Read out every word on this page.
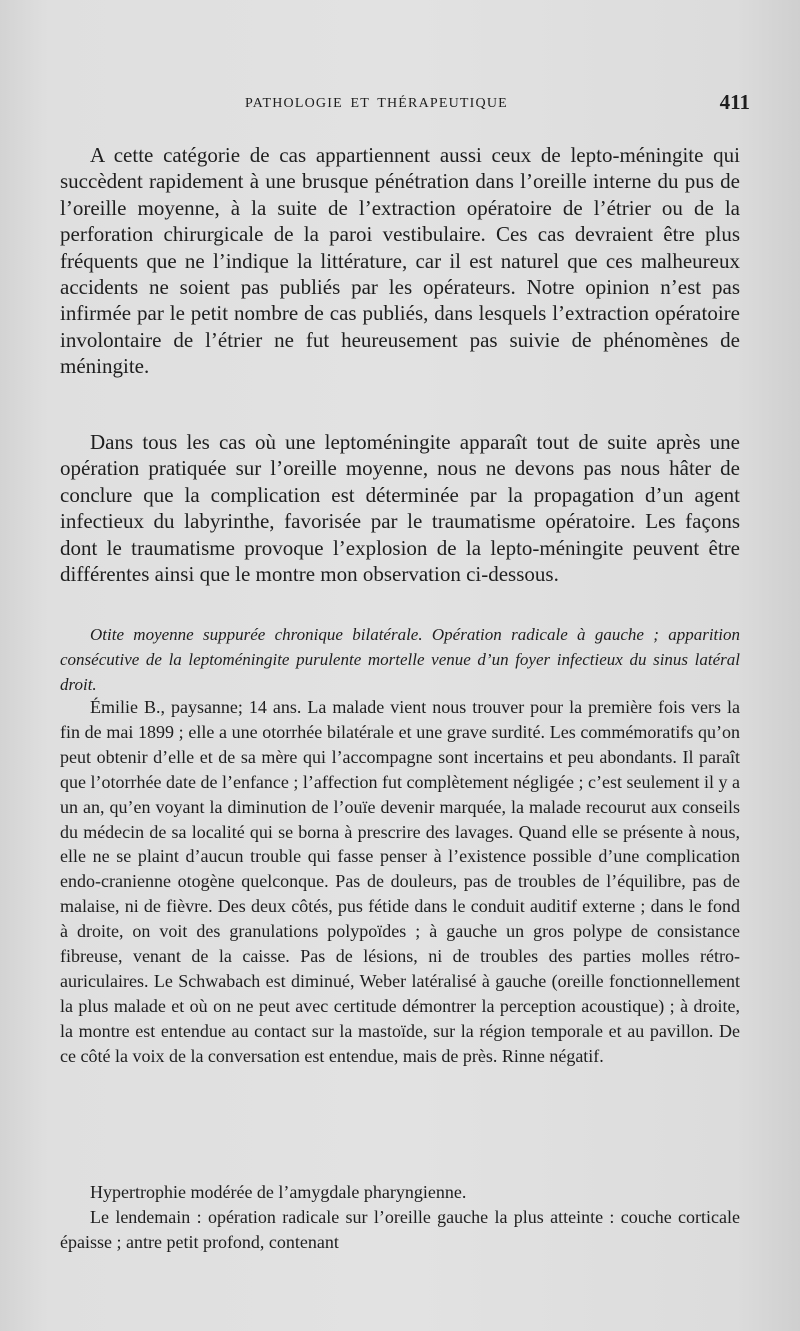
PATHOLOGIE ET THÉRAPEUTIQUE	411

A cette catégorie de cas appartiennent aussi ceux de lepto-méningite qui succèdent rapidement à une brusque pénétration dans l’oreille interne du pus de l’oreille moyenne, à la suite de l’extraction opératoire de l’étrier ou de la perforation chirurgicale de la paroi vestibulaire. Ces cas devraient être plus fréquents que ne l’indique la littérature, car il est naturel que ces malheureux accidents ne soient pas publiés par les opérateurs. Notre opinion n’est pas infirmée par le petit nombre de cas publiés, dans lesquels l’extraction opératoire involontaire de l’étrier ne fut heureusement pas suivie de phénomènes de méningite.

Dans tous les cas où une leptoméningite apparaît tout de suite après une opération pratiquée sur l’oreille moyenne, nous ne devons pas nous hâter de conclure que la complication est déterminée par la propagation d’un agent infectieux du labyrinthe, favorisée par le traumatisme opératoire. Les façons dont le traumatisme provoque l’explosion de la lepto-méningite peuvent être différentes ainsi que le montre mon observation ci-dessous.

Otite moyenne suppurée chronique bilatérale. Opération radicale à gauche ; apparition consécutive de la leptoméningite purulente mortelle venue d’un foyer infectieux du sinus latéral droit.

Émilie B., paysanne; 14 ans. La malade vient nous trouver pour la première fois vers la fin de mai 1899 ; elle a une otorrhée bilatérale et une grave surdité. Les commémoratifs qu’on peut obtenir d’elle et de sa mère qui l’accompagne sont incertains et peu abondants. Il paraît que l’otorrhée date de l’enfance ; l’affection fut complètement négligée ; c’est seulement il y a un an, qu’en voyant la diminution de l’ouïe devenir marquée, la malade recourut aux conseils du médecin de sa localité qui se borna à prescrire des lavages. Quand elle se présente à nous, elle ne se plaint d’aucun trouble qui fasse penser à l’existence possible d’une complication endo-cranienne otogène quelconque. Pas de douleurs, pas de troubles de l’équilibre, pas de malaise, ni de fièvre. Des deux côtés, pus fétide dans le conduit auditif externe ; dans le fond à droite, on voit des granulations polypoïdes ; à gauche un gros polype de consistance fibreuse, venant de la caisse. Pas de lésions, ni de troubles des parties molles rétro-auriculaires. Le Schwabach est diminué, Weber latéralisé à gauche (oreille fonctionnellement la plus malade et où on ne peut avec certitude démontrer la perception acoustique) ; à droite, la montre est entendue au contact sur la mastoïde, sur la région temporale et au pavillon. De ce côté la voix de la conversation est entendue, mais de près. Rinne négatif.

Hypertrophie modérée de l’amygdale pharyngienne.

Le lendemain : opération radicale sur l’oreille gauche la plus atteinte : couche corticale épaisse ; antre petit profond, contenant
